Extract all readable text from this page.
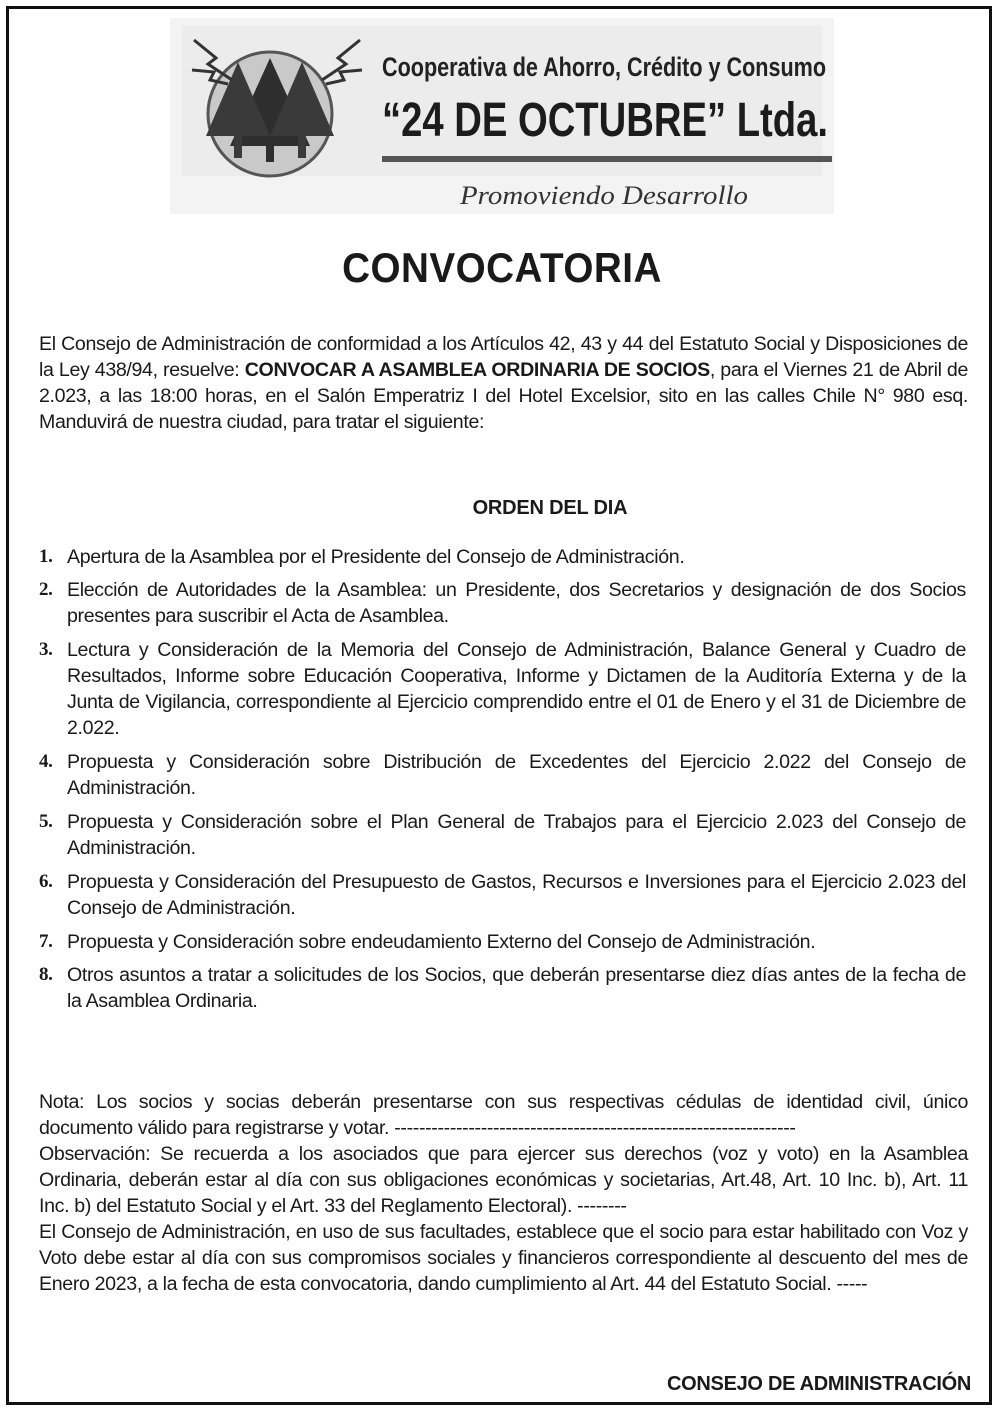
Cooperativa de Ahorro, Crédito y Consumo
“24 DE OCTUBRE” Ltda.
Promoviendo Desarrollo
CONVOCATORIA
El Consejo de Administración de conformidad a los Artículos 42, 43 y 44 del Estatuto Social y Disposiciones de la Ley 438/94, resuelve: CONVOCAR A ASAMBLEA ORDINARIA DE SOCIOS, para el Viernes 21 de Abril de 2.023, a las 18:00 horas, en el Salón Emperatriz I del Hotel Excelsior, sito en las calles Chile N° 980 esq. Manduvirá de nuestra ciudad, para tratar el siguiente:
ORDEN DEL DIA
1. Apertura de la Asamblea por el Presidente del Consejo de Administración.
2. Elección de Autoridades de la Asamblea: un Presidente, dos Secretarios y designación de dos Socios presentes para suscribir el Acta de Asamblea.
3. Lectura y Consideración de la Memoria del Consejo de Administración, Balance General y Cuadro de Resultados, Informe sobre Educación Cooperativa, Informe y Dictamen de la Auditoría Externa y de la Junta de Vigilancia, correspondiente al Ejercicio comprendido entre el 01 de Enero y el 31 de Diciembre de 2.022.
4. Propuesta y Consideración sobre Distribución de Excedentes del Ejercicio 2.022 del Consejo de Administración.
5. Propuesta y Consideración sobre el Plan General de Trabajos para el Ejercicio 2.023 del Consejo de Administración.
6. Propuesta y Consideración del Presupuesto de Gastos, Recursos e Inversiones para el Ejercicio 2.023 del Consejo de Administración.
7. Propuesta y Consideración sobre endeudamiento Externo del Consejo de Administración.
8. Otros asuntos a tratar a solicitudes de los Socios, que deberán presentarse diez días antes de la fecha de la Asamblea Ordinaria.

Nota: Los socios y socias deberán presentarse con sus respectivas cédulas de identidad civil, único documento válido para registrarse y votar. -----------------------------------------------------------------

Observación: Se recuerda a los asociados que para ejercer sus derechos (voz y voto) en la Asamblea Ordinaria, deberán estar al día con sus obligaciones económicas y societarias, Art.48, Art. 10 Inc. b), Art. 11 Inc. b) del Estatuto Social y el Art. 33 del Reglamento Electoral). --------

El Consejo de Administración, en uso de sus facultades, establece que el socio para estar habilitado con Voz y Voto debe estar al día con sus compromisos sociales y financieros correspondiente al descuento del mes de Enero 2023, a la fecha de esta convocatoria, dando cumplimiento al Art. 44 del Estatuto Social. -----

CONSEJO DE ADMINISTRACIÓN
